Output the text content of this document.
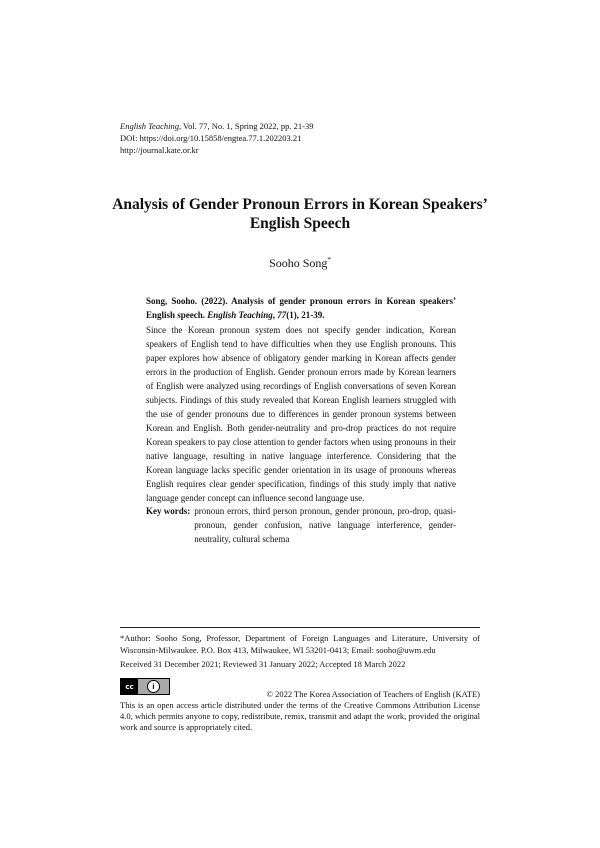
English Teaching, Vol. 77, No. 1, Spring 2022, pp. 21-39
DOI: https://doi.org/10.15858/engtea.77.1.202203.21
http://journal.kate.or.kr
Analysis of Gender Pronoun Errors in Korean Speakers’
English Speech
Sooho Song*
Song, Sooho. (2022). Analysis of gender pronoun errors in Korean speakers’ English speech. English Teaching, 77(1), 21-39.
Since the Korean pronoun system does not specify gender indication, Korean speakers of English tend to have difficulties when they use English pronouns. This paper explores how absence of obligatory gender marking in Korean affects gender errors in the production of English. Gender pronoun errors made by Korean learners of English were analyzed using recordings of English conversations of seven Korean subjects. Findings of this study revealed that Korean English learners struggled with the use of gender pronouns due to differences in gender pronoun systems between Korean and English. Both gender-neutrality and pro-drop practices do not require Korean speakers to pay close attention to gender factors when using pronouns in their native language, resulting in native language interference. Considering that the Korean language lacks specific gender orientation in its usage of pronouns whereas English requires clear gender specification, findings of this study imply that native language gender concept can influence second language use.
Key words: pronoun errors, third person pronoun, gender pronoun, pro-drop, quasi-pronoun, gender confusion, native language interference, gender-neutrality, cultural schema
*Author: Sooho Song, Professor, Department of Foreign Languages and Literature, University of Wisconsin-Milwaukee. P.O. Box 413, Milwaukee, WI 53201-0413; Email: sooho@uwm.edu
Received 31 December 2021; Reviewed 31 January 2022; Accepted 18 March 2022
cc	i
© 2022 The Korea Association of Teachers of English (KATE)
This is an open access article distributed under the terms of the Creative Commons Attribution License 4.0, which permits anyone to copy, redistribute, remix, transmit and adapt the work, provided the original work and source is appropriately cited.
